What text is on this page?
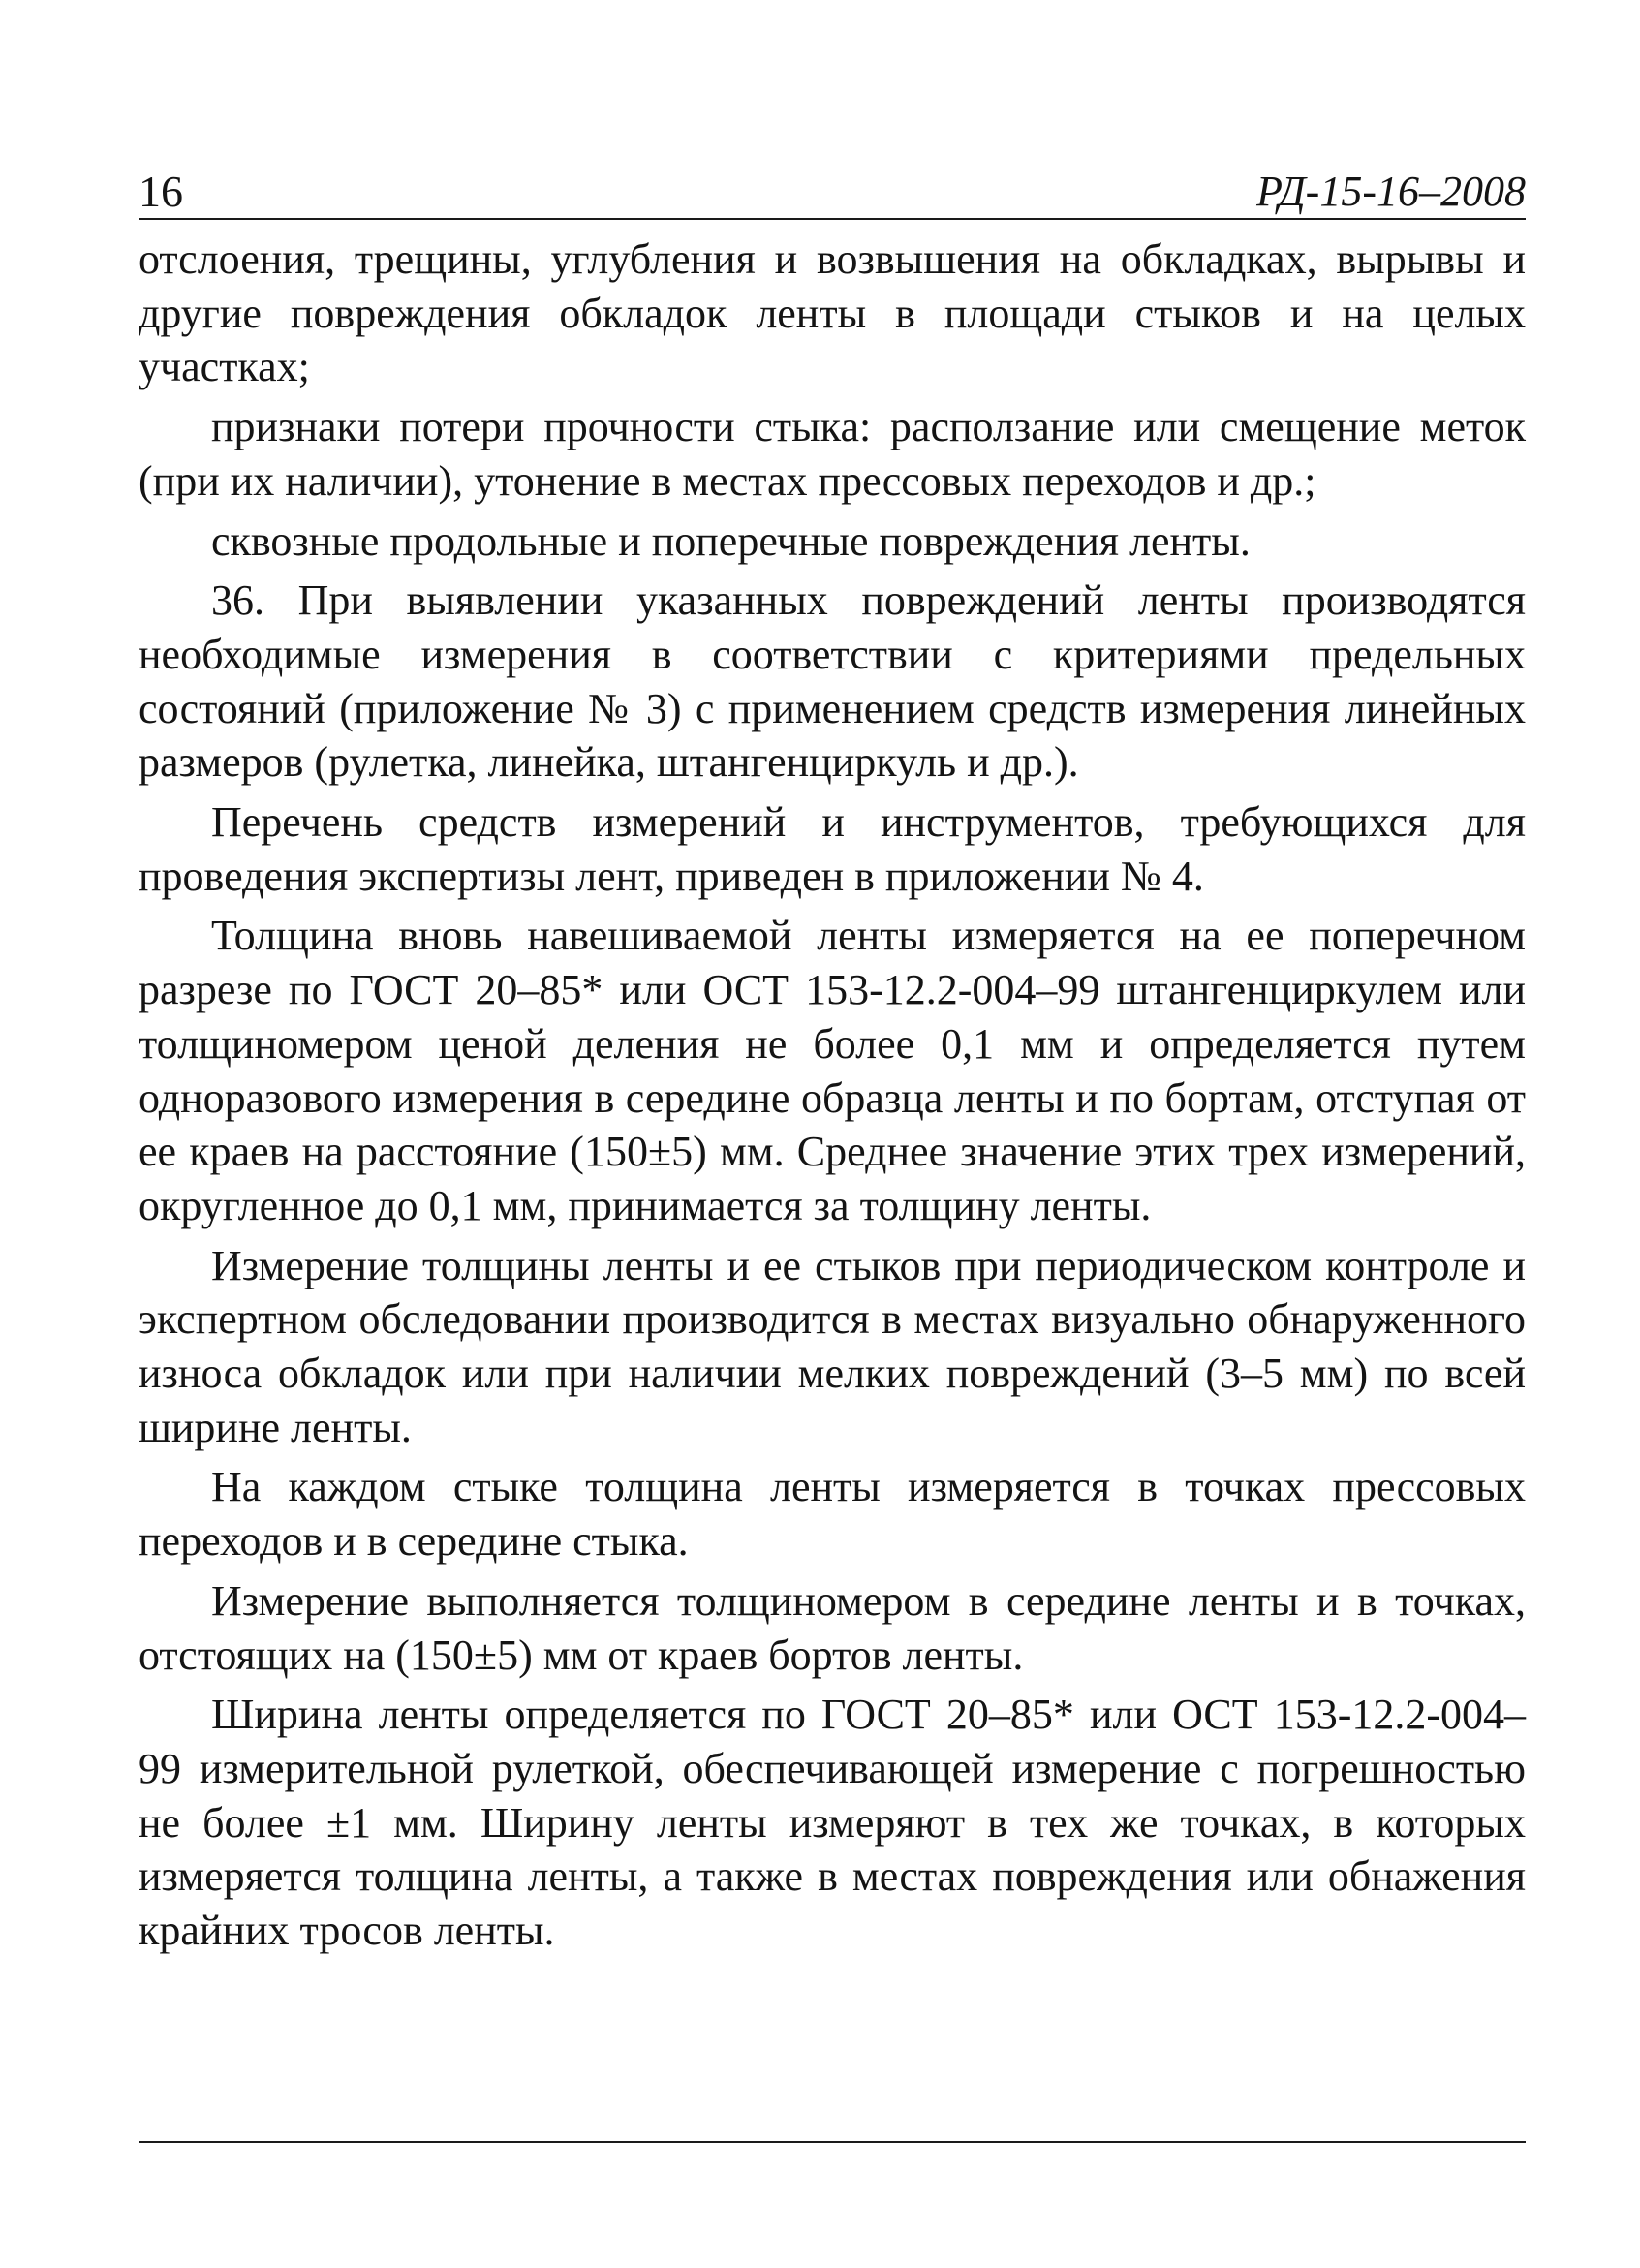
16	РД-15-16–2008

отслоения, трещины, углубления и возвышения на обкладках, вырывы и другие повреждения обкладок ленты в площади стыков и на целых участках;

признаки потери прочности стыка: расползание или смещение меток (при их наличии), утонение в местах прессовых переходов и др.;

сквозные продольные и поперечные повреждения ленты.

36. При выявлении указанных повреждений ленты производятся необходимые измерения в соответствии с критериями предельных состояний (приложение № 3) с применением средств измерения линейных размеров (рулетка, линейка, штангенциркуль и др.).

Перечень средств измерений и инструментов, требующихся для проведения экспертизы лент, приведен в приложении № 4.

Толщина вновь навешиваемой ленты измеряется на ее поперечном разрезе по ГОСТ 20–85* или ОСТ 153-12.2-004–99 штангенциркулем или толщиномером ценой деления не более 0,1 мм и определяется путем одноразового измерения в середине образца ленты и по бортам, отступая от ее краев на расстояние (150±5) мм. Среднее значение этих трех измерений, округленное до 0,1 мм, принимается за толщину ленты.

Измерение толщины ленты и ее стыков при периодическом контроле и экспертном обследовании производится в местах визуально обнаруженного износа обкладок или при наличии мелких повреждений (3–5 мм) по всей ширине ленты.

На каждом стыке толщина ленты измеряется в точках прессовых переходов и в середине стыка.

Измерение выполняется толщиномером в середине ленты и в точках, отстоящих на (150±5) мм от краев бортов ленты.

Ширина ленты определяется по ГОСТ 20–85* или ОСТ 153-12.2-004–99 измерительной рулеткой, обеспечивающей измерение с погрешностью не более ±1 мм. Ширину ленты измеряют в тех же точках, в которых измеряется толщина ленты, а также в местах повреждения или обнажения крайних тросов ленты.
